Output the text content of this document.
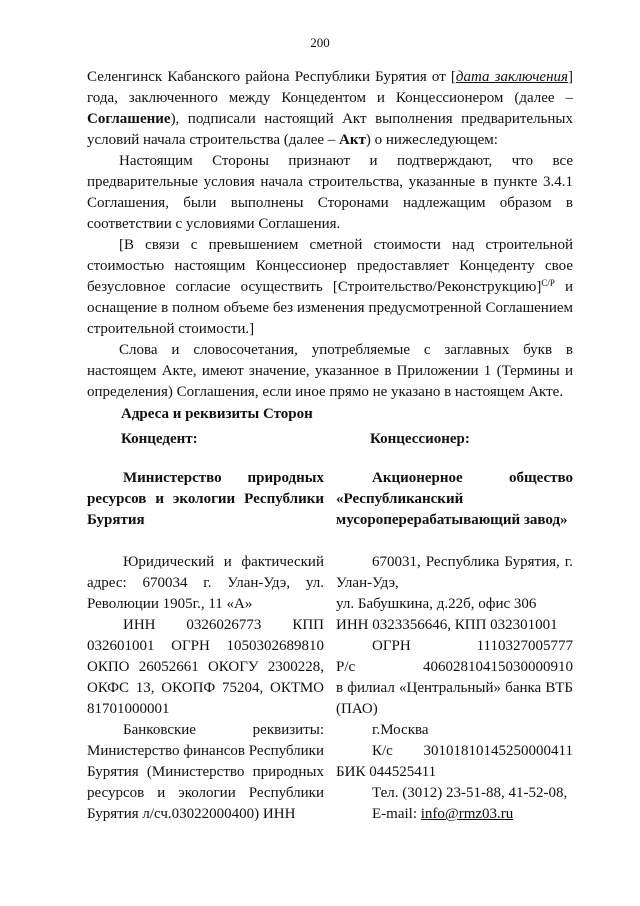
200

Селенгинск Кабанского района Республики Бурятия от [дата заключения] года, заключенного между Концедентом и Концессионером (далее – Соглашение), подписали настоящий Акт выполнения предварительных условий начала строительства (далее – Акт) о нижеследующем:

Настоящим Стороны признают и подтверждают, что все предварительные условия начала строительства, указанные в пункте 3.4.1 Соглашения, были выполнены Сторонами надлежащим образом в соответствии с условиями Соглашения.

[В связи с превышением сметной стоимости над строительной стоимостью настоящим Концессионер предоставляет Концеденту свое безусловное согласие осуществить [Строительство/Реконструкцию]$^{С/Р}$ и оснащение в полном объеме без изменения предусмотренной Соглашением строительной стоимости.]

Слова и словосочетания, употребляемые с заглавных букв в настоящем Акте, имеют значение, указанное в Приложении 1 (Термины и определения) Соглашения, если иное прямо не указано в настоящем Акте.

Адреса и реквизиты Сторон
Концедент:	Концессионер:

Министерство природных ресурсов и экологии Республики Бурятия

Юридический и фактический адрес: 670034 г. Улан-Удэ, ул. Революции 1905г., 11 «А»

ИНН 0326026773 КПП

032601001 ОГРН 1050302689810 ОКПО 26052661 ОКОГУ 2300228, ОКФС 13, ОКОПФ 75204, ОКТМО 81701000001

Банковские реквизиты: Министерство финансов Республики Бурятия (Министерство природных ресурсов и экологии Республики Бурятия л/сч.03022000400) ИНН

Акционерное общество «Республиканский мусороперерабатывающий завод»

670031, Республика Бурятия, г. Улан-Удэ,

ул. Бабушкина, д.22б, офис 306

ИНН 0323356646, КПП 032301001

ОГРН	1110327005777
Р/с	40602810415030000910

в филиал «Центральный» банка ВТБ (ПАО)

г.Москва

К/с 30101810145250000411

БИК 044525411

Тел. (3012) 23-51-88, 41-52-08,

E-mail: info@rmz03.ru
